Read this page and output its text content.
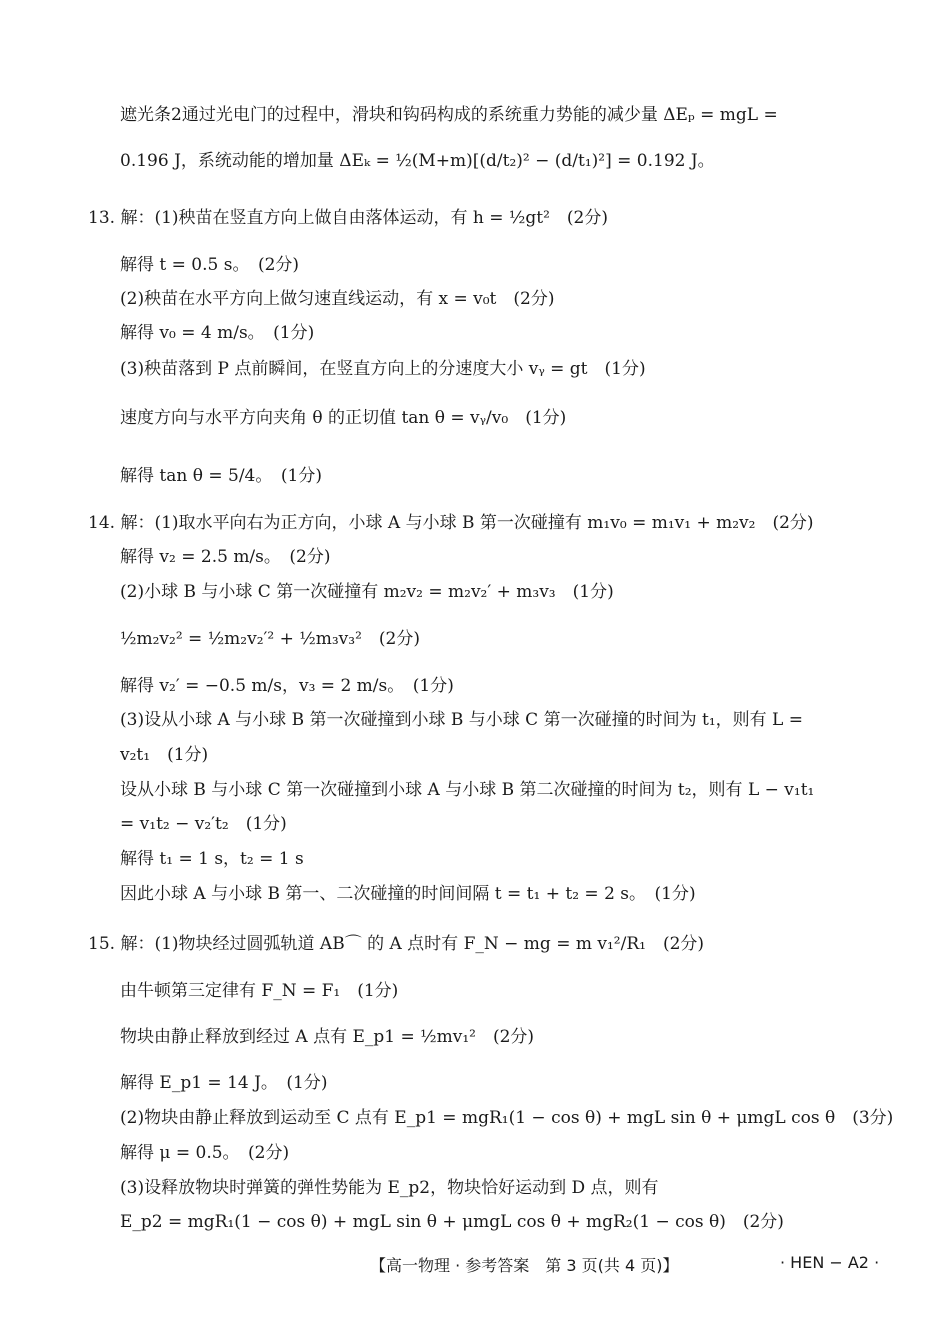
遮光条2通过光电门的过程中，滑块和钩码构成的系统重力势能的减少量 ΔEₚ = mgL =
0.196 J，系统动能的增加量 ΔEₖ = ½(M+m)[(d/t₂)² − (d/t₁)²] = 0.192 J。
13. 解：(1)秧苗在竖直方向上做自由落体运动，有 h = ½gt²　(2分)
解得 t = 0.5 s。　(2分)
(2)秧苗在水平方向上做匀速直线运动，有 x = v₀t　(2分)
解得 v₀ = 4 m/s。　(1分)
(3)秧苗落到 P 点前瞬间，在竖直方向上的分速度大小 vᵧ = gt　(1分)
速度方向与水平方向夹角 θ 的正切值 tan θ = vᵧ/v₀　(1分)
解得 tan θ = 5/4。　(1分)
14. 解：(1)取水平向右为正方向，小球 A 与小球 B 第一次碰撞有 m₁v₀ = m₁v₁ + m₂v₂　(2分)
解得 v₂ = 2.5 m/s。　(2分)
(2)小球 B 与小球 C 第一次碰撞有 m₂v₂ = m₂v₂′ + m₃v₃　(1分)
½m₂v₂² = ½m₂v₂′² + ½m₃v₃²　(2分)
解得 v₂′ = −0.5 m/s，v₃ = 2 m/s。　(1分)
(3)设从小球 A 与小球 B 第一次碰撞到小球 B 与小球 C 第一次碰撞的时间为 t₁，则有 L =
v₂t₁　(1分)
设从小球 B 与小球 C 第一次碰撞到小球 A 与小球 B 第二次碰撞的时间为 t₂，则有 L − v₁t₁
= v₁t₂ − v₂′t₂　(1分)
解得 t₁ = 1 s，t₂ = 1 s
因此小球 A 与小球 B 第一、二次碰撞的时间间隔 t = t₁ + t₂ = 2 s。　(1分)
15. 解：(1)物块经过圆弧轨道 AB⌒ 的 A 点时有 F_N − mg = m v₁²/R₁　(2分)
由牛顿第三定律有 F_N = F₁　(1分)
物块由静止释放到经过 A 点有 E_p1 = ½mv₁²　(2分)
解得 E_p1 = 14 J。　(1分)
(2)物块由静止释放到运动至 C 点有 E_p1 = mgR₁(1 − cos θ) + mgL sin θ + μmgL cos θ　(3分)
解得 μ = 0.5。　(2分)
(3)设释放物块时弹簧的弹性势能为 E_p2，物块恰好运动到 D 点，则有
E_p2 = mgR₁(1 − cos θ) + mgL sin θ + μmgL cos θ + mgR₂(1 − cos θ)　(2分)
【高一物理 · 参考答案　第 3 页(共 4 页)】	· HEN − A2 ·
